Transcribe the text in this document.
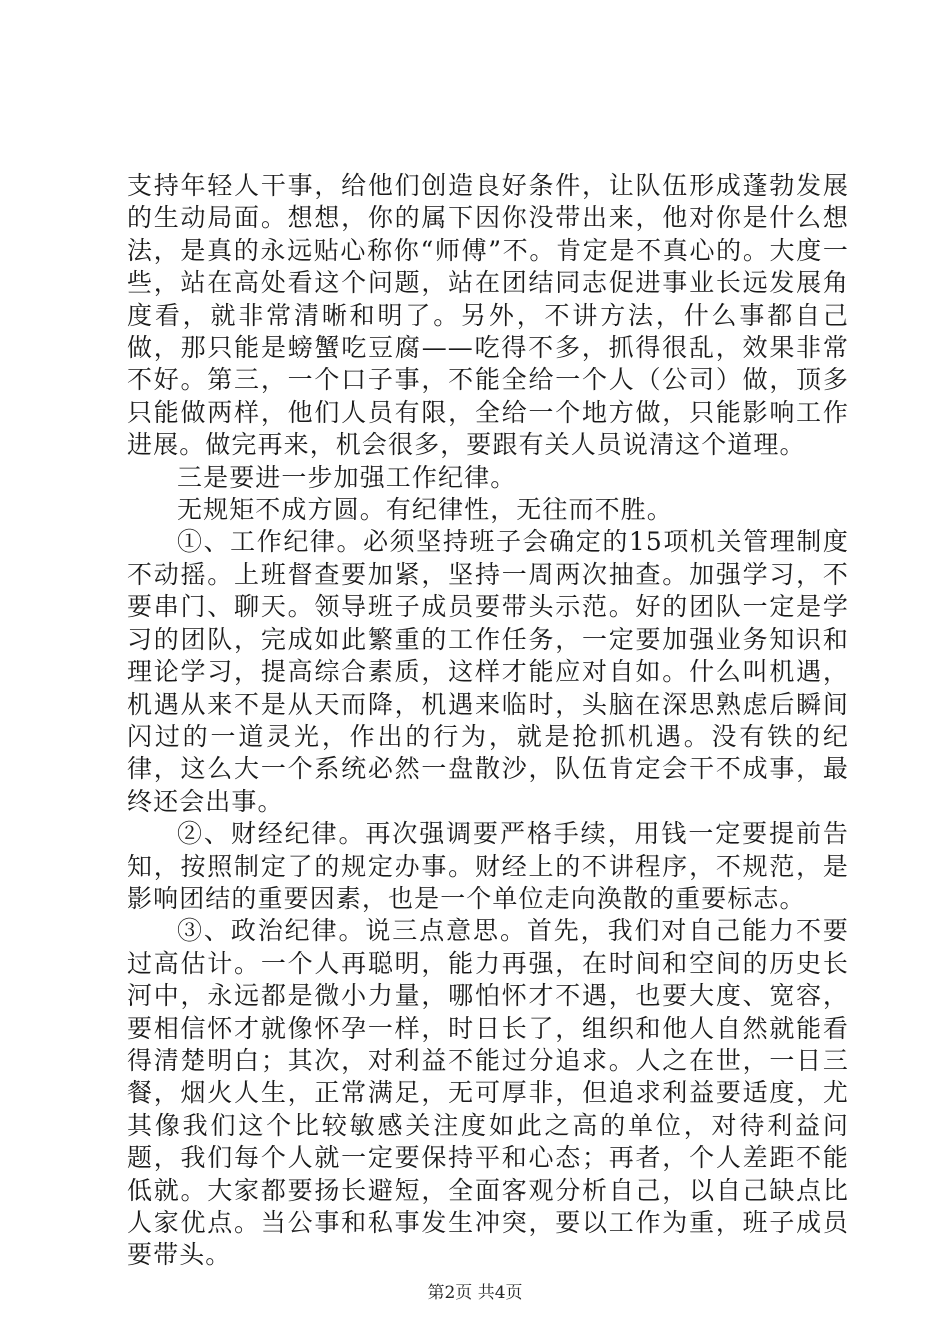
支持年轻人干事，给他们创造良好条件，让队伍形成蓬勃发展的生动局面。想想，你的属下因你没带出来，他对你是什么想法，是真的永远贴心称你“师傅”不。肯定是不真心的。大度一些，站在高处看这个问题，站在团结同志促进事业长远发展角度看，就非常清晰和明了。另外，不讲方法，什么事都自己做，那只能是螃蟹吃豆腐——吃得不多，抓得很乱，效果非常不好。第三，一个口子事，不能全给一个人（公司）做，顶多只能做两样，他们人员有限，全给一个地方做，只能影响工作进展。做完再来，机会很多，要跟有关人员说清这个道理。

三是要进一步加强工作纪律。

无规矩不成方圆。有纪律性，无往而不胜。

①、工作纪律。必须坚持班子会确定的15项机关管理制度不动摇。上班督查要加紧，坚持一周两次抽查。加强学习，不要串门、聊天。领导班子成员要带头示范。好的团队一定是学习的团队，完成如此繁重的工作任务，一定要加强业务知识和理论学习，提高综合素质，这样才能应对自如。什么叫机遇，机遇从来不是从天而降，机遇来临时，头脑在深思熟虑后瞬间闪过的一道灵光，作出的行为，就是抢抓机遇。没有铁的纪律，这么大一个系统必然一盘散沙，队伍肯定会干不成事，最终还会出事。

②、财经纪律。再次强调要严格手续，用钱一定要提前告知，按照制定了的规定办事。财经上的不讲程序，不规范，是影响团结的重要因素，也是一个单位走向涣散的重要标志。

③、政治纪律。说三点意思。首先，我们对自己能力不要过高估计。一个人再聪明，能力再强，在时间和空间的历史长河中，永远都是微小力量，哪怕怀才不遇，也要大度、宽容，要相信怀才就像怀孕一样，时日长了，组织和他人自然就能看得清楚明白；其次，对利益不能过分追求。人之在世，一日三餐，烟火人生，正常满足，无可厚非，但追求利益要适度，尤其像我们这个比较敏感关注度如此之高的单位，对待利益问题，我们每个人就一定要保持平和心态；再者，个人差距不能低就。大家都要扬长避短，全面客观分析自己，以自己缺点比人家优点。当公事和私事发生冲突，要以工作为重，班子成员要带头。

第2页 共4页
